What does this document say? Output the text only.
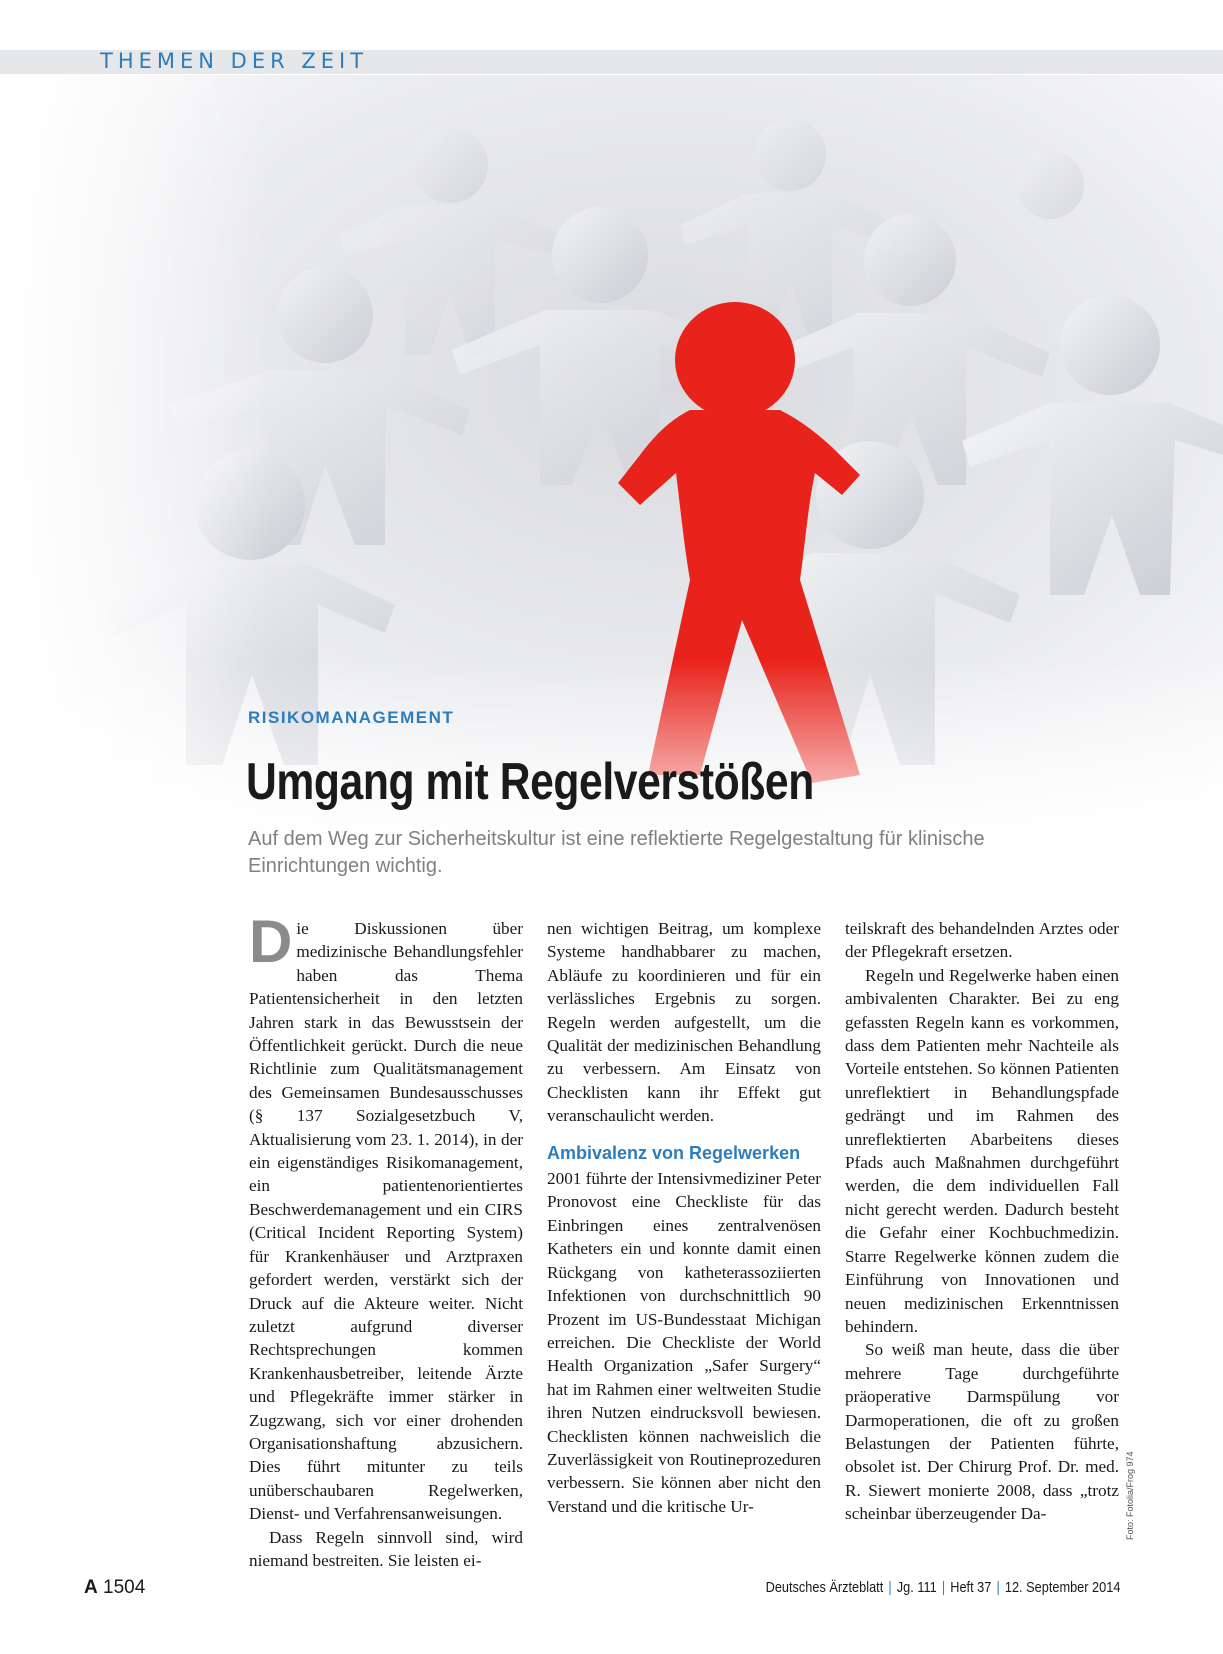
THEMEN DER ZEIT
RISIKOMANAGEMENT
Umgang mit Regelverstößen
Auf dem Weg zur Sicherheitskultur ist eine reflektierte Regelgestaltung für klinische Einrichtungen wichtig.

Die Diskussionen über medizinische Behandlungsfehler haben das Thema Patientensicherheit in den letzten Jahren stark in das Bewusstsein der Öffentlichkeit gerückt. Durch die neue Richtlinie zum Qualitätsmanagement des Gemeinsamen Bundesausschusses (§ 137 Sozialgesetzbuch V, Aktualisierung vom 23. 1. 2014), in der ein eigenständiges Risikomanagement, ein patientenorientiertes Beschwerdemanagement und ein CIRS (Critical Incident Reporting System) für Krankenhäuser und Arztpraxen gefordert werden, verstärkt sich der Druck auf die Akteure weiter. Nicht zuletzt aufgrund diverser Rechtsprechungen kommen Krankenhausbetreiber, leitende Ärzte und Pflegekräfte immer stärker in Zugzwang, sich vor einer drohenden Organisationshaftung abzusichern. Dies führt mitunter zu teils unüberschaubaren Regelwerken, Dienst- und Verfahrensanweisungen.

Dass Regeln sinnvoll sind, wird niemand bestreiten. Sie leisten ei-

nen wichtigen Beitrag, um komplexe Systeme handhabbarer zu machen, Abläufe zu koordinieren und für ein verlässliches Ergebnis zu sorgen. Regeln werden aufgestellt, um die Qualität der medizinischen Behandlung zu verbessern. Am Einsatz von Checklisten kann ihr Effekt gut veranschaulicht werden.

Ambivalenz von Regelwerken

2001 führte der Intensivmediziner Peter Pronovost eine Checkliste für das Einbringen eines zentralvenösen Katheters ein und konnte damit einen Rückgang von katheterassoziierten Infektionen von durchschnittlich 90 Prozent im US-Bundesstaat Michigan erreichen. Die Checkliste der World Health Organization „Safer Surgery“ hat im Rahmen einer weltweiten Studie ihren Nutzen eindrucksvoll bewiesen. Checklisten können nachweislich die Zuverlässigkeit von Routineprozeduren verbessern. Sie können aber nicht den Verstand und die kritische Ur-

teilskraft des behandelnden Arztes oder der Pflegekraft ersetzen.

Regeln und Regelwerke haben einen ambivalenten Charakter. Bei zu eng gefassten Regeln kann es vorkommen, dass dem Patienten mehr Nachteile als Vorteile entstehen. So können Patienten unreflektiert in Behandlungspfade gedrängt und im Rahmen des unreflektierten Abarbeitens dieses Pfads auch Maßnahmen durchgeführt werden, die dem individuellen Fall nicht gerecht werden. Dadurch besteht die Gefahr einer Kochbuchmedizin. Starre Regelwerke können zudem die Einführung von Innovationen und neuen medizinischen Erkenntnissen behindern.

So weiß man heute, dass die über mehrere Tage durchgeführte präoperative Darmspülung vor Darmoperationen, die oft zu großen Belastungen der Patienten führte, obsolet ist. Der Chirurg Prof. Dr. med. R. Siewert monierte 2008, dass „trotz scheinbar überzeugender Da-	Foto: Fotolia/Frog 974
A 1504	Deutsches Ärzteblatt | Jg. 111 | Heft 37 | 12. September 2014
